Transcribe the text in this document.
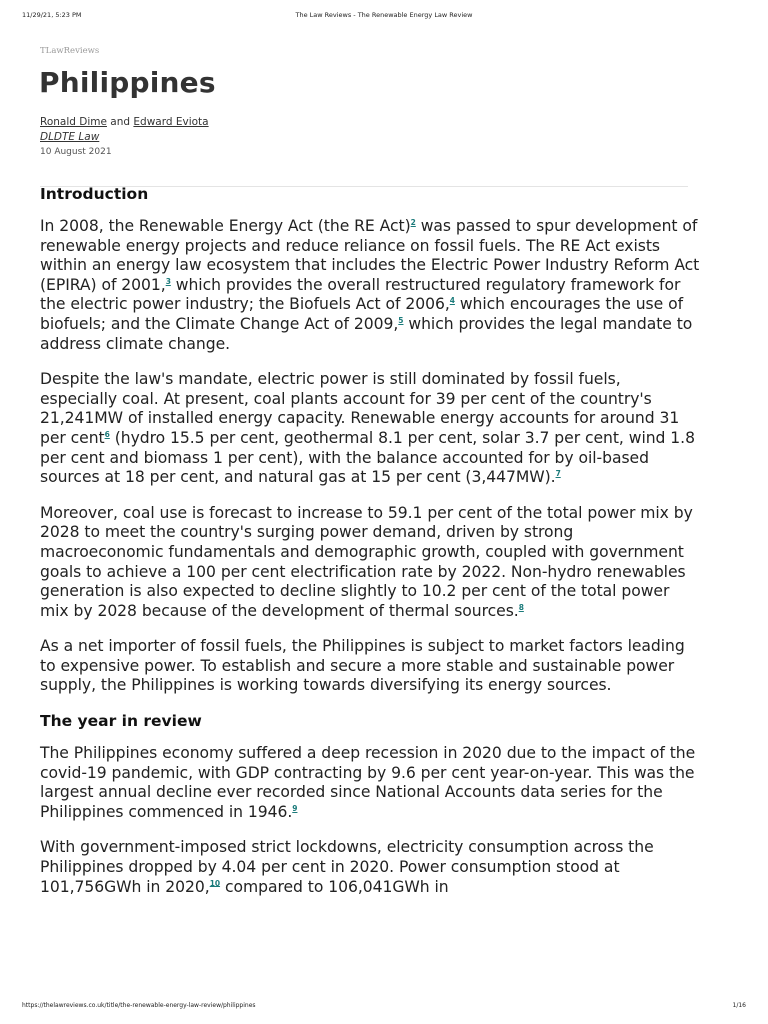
11/29/21, 5:23 PM	The Law Reviews - The Renewable Energy Law Review
TLawReviews
Philippines
Ronald Dime and Edward Eviota
DLDTE Law
10 August 2021
Introduction

In 2008, the Renewable Energy Act (the RE Act)$^2$ was passed to spur development of renewable energy projects and reduce reliance on fossil fuels. The RE Act exists within an energy law ecosystem that includes the Electric Power Industry Reform Act (EPIRA) of 2001,$^3$ which provides the overall restructured regulatory framework for the electric power industry; the Biofuels Act of 2006,$^4$ which encourages the use of biofuels; and the Climate Change Act of 2009,$^5$ which provides the legal mandate to address climate change.

Despite the law's mandate, electric power is still dominated by fossil fuels, especially coal. At present, coal plants account for 39 per cent of the country's 21,241MW of installed energy capacity. Renewable energy accounts for around 31 per cent$^6$ (hydro 15.5 per cent, geothermal 8.1 per cent, solar 3.7 per cent, wind 1.8 per cent and biomass 1 per cent), with the balance accounted for by oil-based sources at 18 per cent, and natural gas at 15 per cent (3,447MW).$^7$

Moreover, coal use is forecast to increase to 59.1 per cent of the total power mix by 2028 to meet the country's surging power demand, driven by strong macroeconomic fundamentals and demographic growth, coupled with government goals to achieve a 100 per cent electrification rate by 2022. Non-hydro renewables generation is also expected to decline slightly to 10.2 per cent of the total power mix by 2028 because of the development of thermal sources.$^8$

As a net importer of fossil fuels, the Philippines is subject to market factors leading to expensive power. To establish and secure a more stable and sustainable power supply, the Philippines is working towards diversifying its energy sources.

The year in review

The Philippines economy suffered a deep recession in 2020 due to the impact of the covid-19 pandemic, with GDP contracting by 9.6 per cent year-on-year. This was the largest annual decline ever recorded since National Accounts data series for the Philippines commenced in 1946.$^9$

With government-imposed strict lockdowns, electricity consumption across the Philippines dropped by 4.04 per cent in 2020. Power consumption stood at 101,756GWh in 2020,10 compared to 106,041GWh in

https://thelawreviews.co.uk/title/the-renewable-energy-law-review/philippines	1/16
